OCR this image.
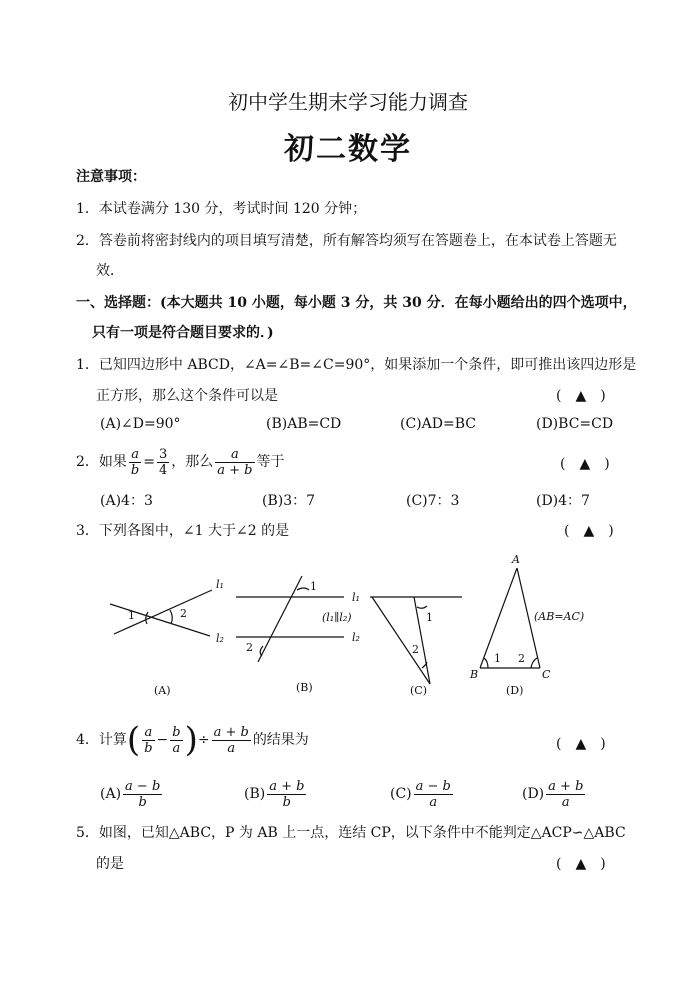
初中学生期末学习能力调查
初二数学
注意事项：
1．本试卷满分 130 分，考试时间 120 分钟；
2．答卷前将密封线内的项目填写清楚，所有解答均须写在答题卷上，在本试卷上答题无
效．
一、选择题：(本大题共 10 小题，每小题 3 分，共 30 分．在每小题给出的四个选项中，
只有一项是符合题目要求的．)
1．已知四边形中 ABCD，∠A=∠B=∠C=90°，如果添加一个条件，即可推出该四边形是
正方形，那么这个条件可以是	(　▲　)
(A)∠D=90°	(B)AB=CD	(C)AD=BC	(D)BC=CD
2．如果 $\frac{a}{b} = \frac{3}{4}$ ，那么 $\frac{a}{a + b}$ 等于	(　▲　)
(A)4：3	(B)3：7	(C)7：3	(D)4：7
3．下列各图中，∠1 大于∠2 的是	(　▲　)
l₁
l₂
1	2
(A)
l₁
l₂
1
2
(l₁∥l₂)
(B)
1
2
(C)
A
B	C
1 2
(AB=AC)
(D)
4．计算( $\frac{a}{b} - \frac{b}{a}$ )÷ $\frac{a + b}{a}$ 的结果为	(　▲　)
$(A) \frac{a - b}{b}$	$(B) \frac{a + b}{b}$	$(C) \frac{a - b}{a}$	$(D) \frac{a + b}{a}$
5．如图，已知△ABC，P 为 AB 上一点，连结 CP，以下条件中不能判定△ACP∽△ABC
的是	(　▲　)
